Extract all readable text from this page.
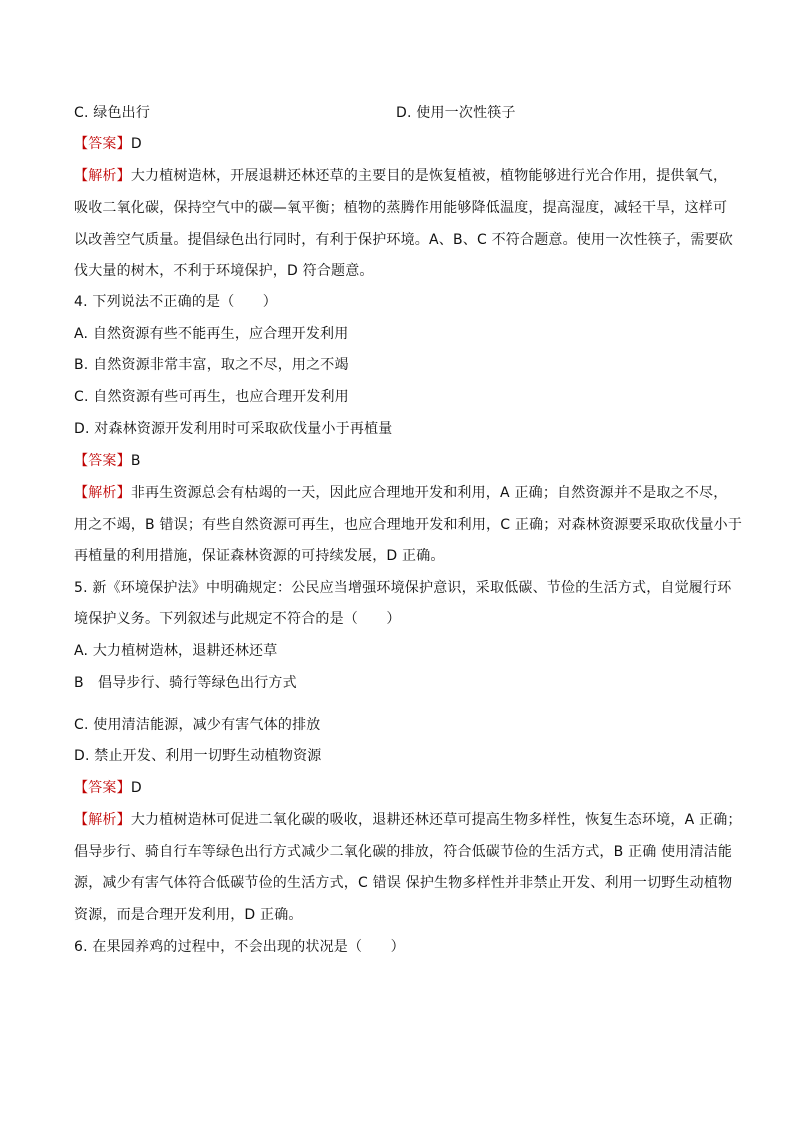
C. 绿色出行	D. 使用一次性筷子
【答案】D
【解析】大力植树造林，开展退耕还林还草的主要目的是恢复植被，植物能够进行光合作用，提供氧气，
吸收二氧化碳，保持空气中的碳—氧平衡；植物的蒸腾作用能够降低温度，提高湿度，减轻干旱，这样可
以改善空气质量。提倡绿色出行同时，有利于保护环境。A、B、C 不符合题意。使用一次性筷子，需要砍
伐大量的树木，不利于环境保护，D 符合题意。
4. 下列说法不正确的是（　　）
A. 自然资源有些不能再生，应合理开发利用
B. 自然资源非常丰富，取之不尽，用之不竭
C. 自然资源有些可再生，也应合理开发利用
D. 对森林资源开发利用时可采取砍伐量小于再植量
【答案】B
【解析】非再生资源总会有枯竭的一天，因此应合理地开发和利用，A 正确；自然资源并不是取之不尽，
用之不竭，B 错误；有些自然资源可再生，也应合理地开发和利用，C 正确；对森林资源要采取砍伐量小于
再植量的利用措施，保证森林资源的可持续发展，D 正确。
5. 新《环境保护法》中明确规定：公民应当增强环境保护意识，采取低碳、节俭的生活方式，自觉履行环
境保护义务。下列叙述与此规定不符合的是（　　）
A. 大力植树造林，退耕还林还草
B　倡导步行、骑行等绿色出行方式
C. 使用清洁能源，减少有害气体的排放
D. 禁止开发、利用一切野生动植物资源
【答案】D
【解析】大力植树造林可促进二氧化碳的吸收，退耕还林还草可提高生物多样性，恢复生态环境，A 正确；
倡导步行、骑自行车等绿色出行方式减少二氧化碳的排放，符合低碳节俭的生活方式，B 正确 使用清洁能
源，减少有害气体符合低碳节俭的生活方式，C 错误 保护生物多样性并非禁止开发、利用一切野生动植物
资源，而是合理开发利用，D 正确。
6. 在果园养鸡的过程中，不会出现的状况是（　　）
